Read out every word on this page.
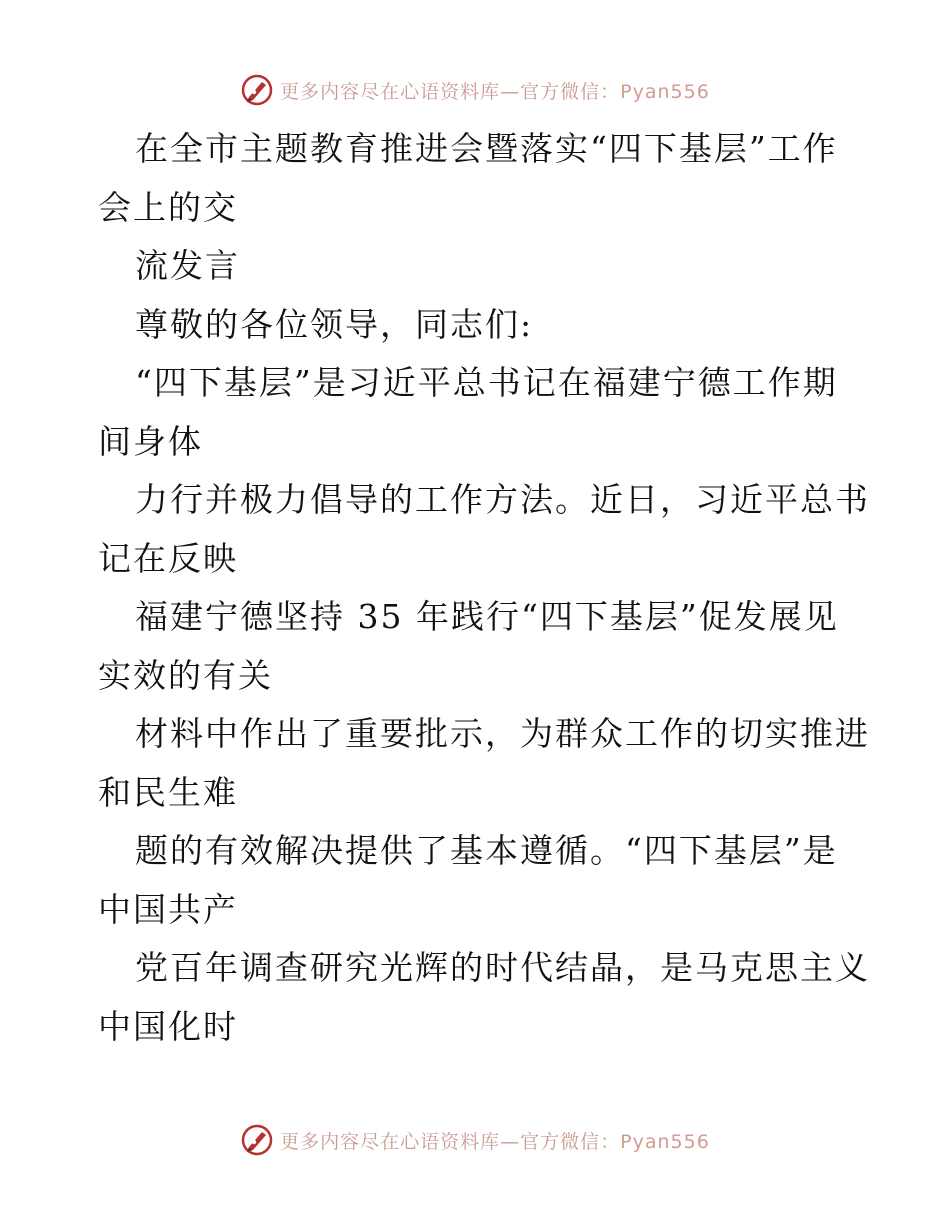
更多内容尽在心语资料库—官方微信：Pyan556
在全市主题教育推进会暨落实“四下基层”工作
会上的交
流发言
尊敬的各位领导，同志们:
“四下基层”是习近平总书记在福建宁德工作期
间身体
力行并极力倡导的工作方法。近日，习近平总书
记在反映
福建宁德坚持 35 年践行“四下基层”促发展见
实效的有关
材料中作出了重要批示，为群众工作的切实推进
和民生难
题的有效解决提供了基本遵循。“四下基层”是
中国共产
党百年调查研究光辉的时代结晶，是马克思主义
中国化时
更多内容尽在心语资料库—官方微信：Pyan556
